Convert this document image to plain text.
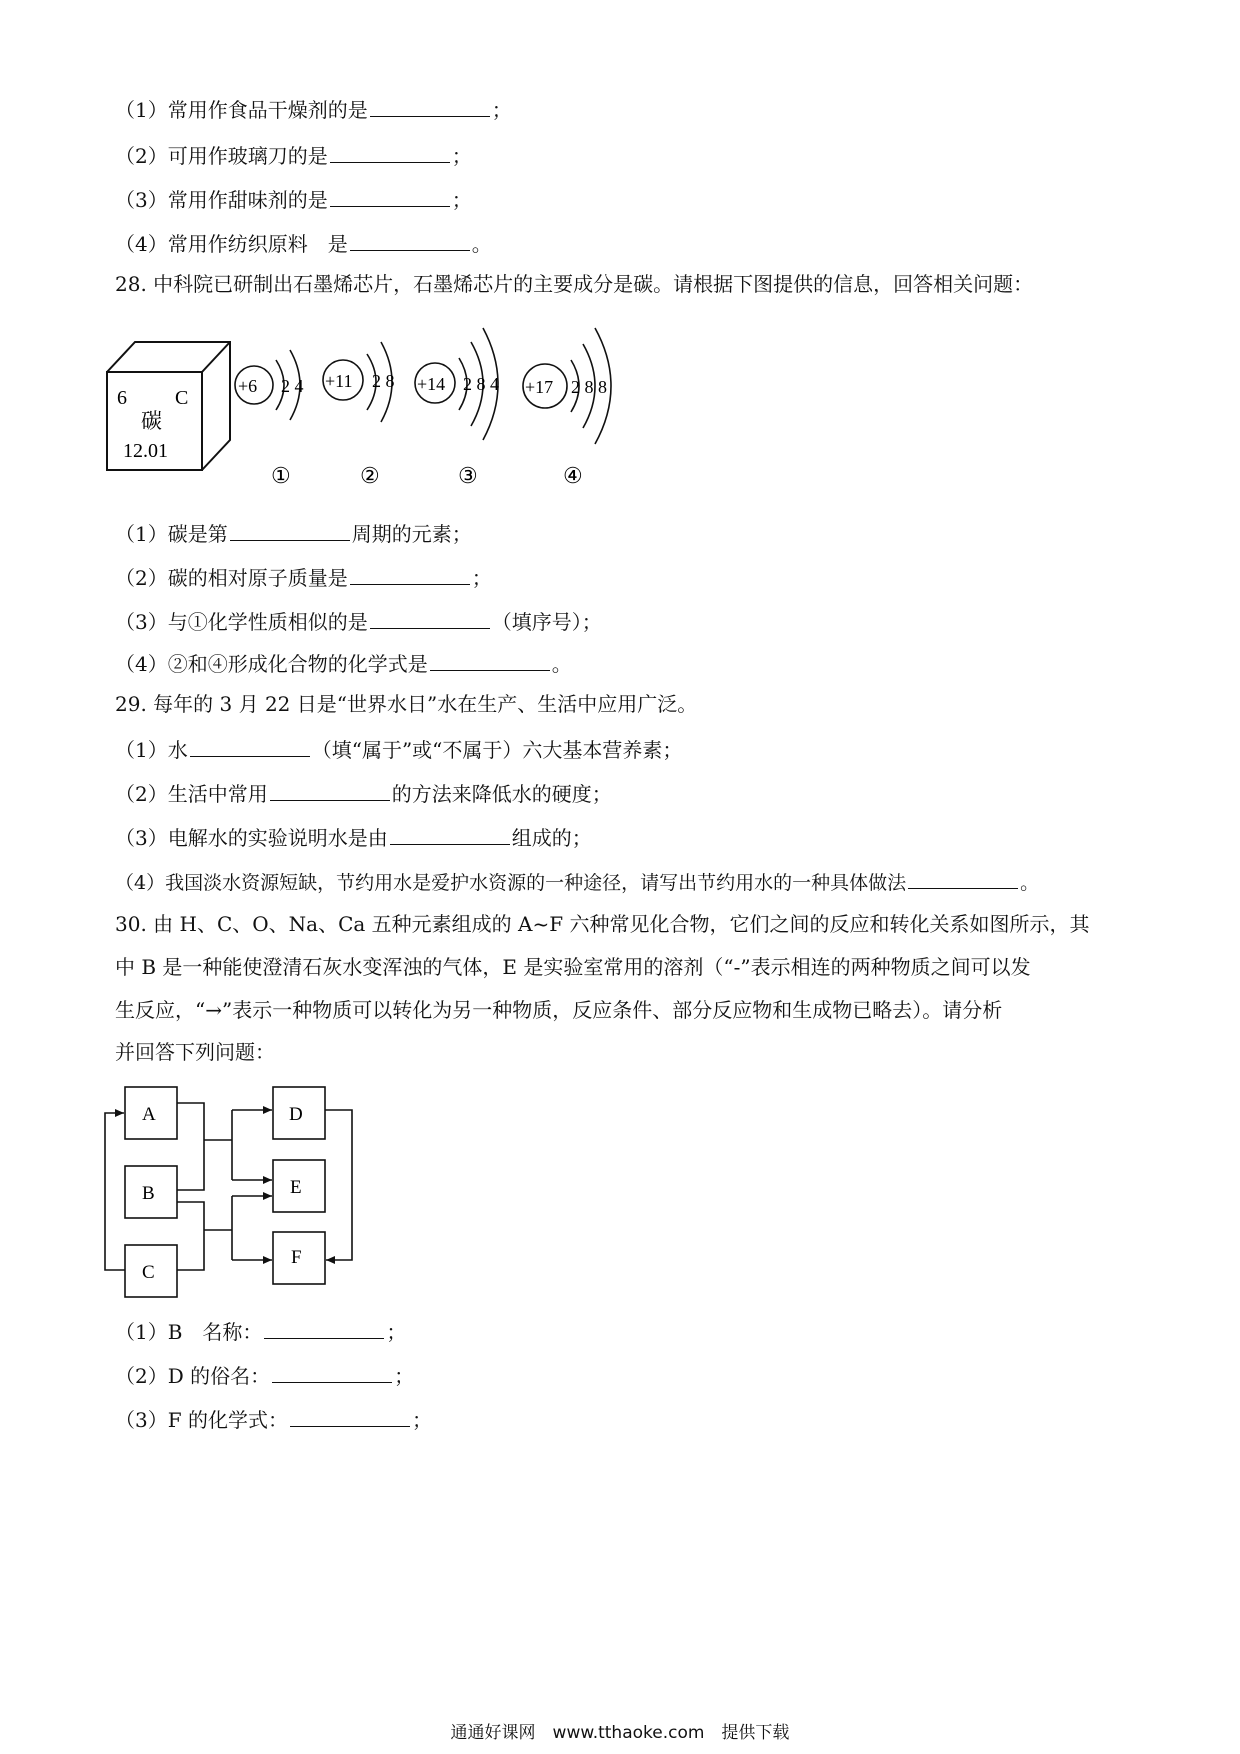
（1）常用作食品干燥剂的是	；
（2）可用作玻璃刀的是	；
（3）常用作甜味剂的是	；
（4）常用作纺织原料　是	。
28. 中科院已研制出石墨烯芯片，石墨烯芯片的主要成分是碳。请根据下图提供的信息，回答相关问题：
6 C
碳
12.01
+6 2 4
①
+11 2 8
②
+14 2 8 4
③
+17 2 8 8
④
（1）碳是第	周期的元素；
（2）碳的相对原子质量是	；
（3）与①化学性质相似的是	（填序号）；
（4）②和④形成化合物的化学式是	。
29. 每年的 3 月 22 日是“世界水日”水在生产、生活中应用广泛。
（1）水	（填“属于”或“不属于）六大基本营养素；
（2）生活中常用	的方法来降低水的硬度；
（3）电解水的实验说明水是由	组成的；
（4）我国淡水资源短缺，节约用水是爱护水资源的一种途径，请写出节约用水的一种具体做法	。
30. 由 H、C、O、Na、Ca 五种元素组成的 A~F 六种常见化合物，它们之间的反应和转化关系如图所示，其
中 B 是一种能使澄清石灰水变浑浊的气体，E 是实验室常用的溶剂（“-”表示相连的两种物质之间可以发
生反应，“→”表示一种物质可以转化为另一种物质，反应条件、部分反应物和生成物已略去）。请分析
并回答下列问题：
A
B
C
D
E
F
（1）B　名称：	；
（2）D 的俗名：	；
（3）F 的化学式：	；
通通好课网　www.tthaoke.com　提供下载
